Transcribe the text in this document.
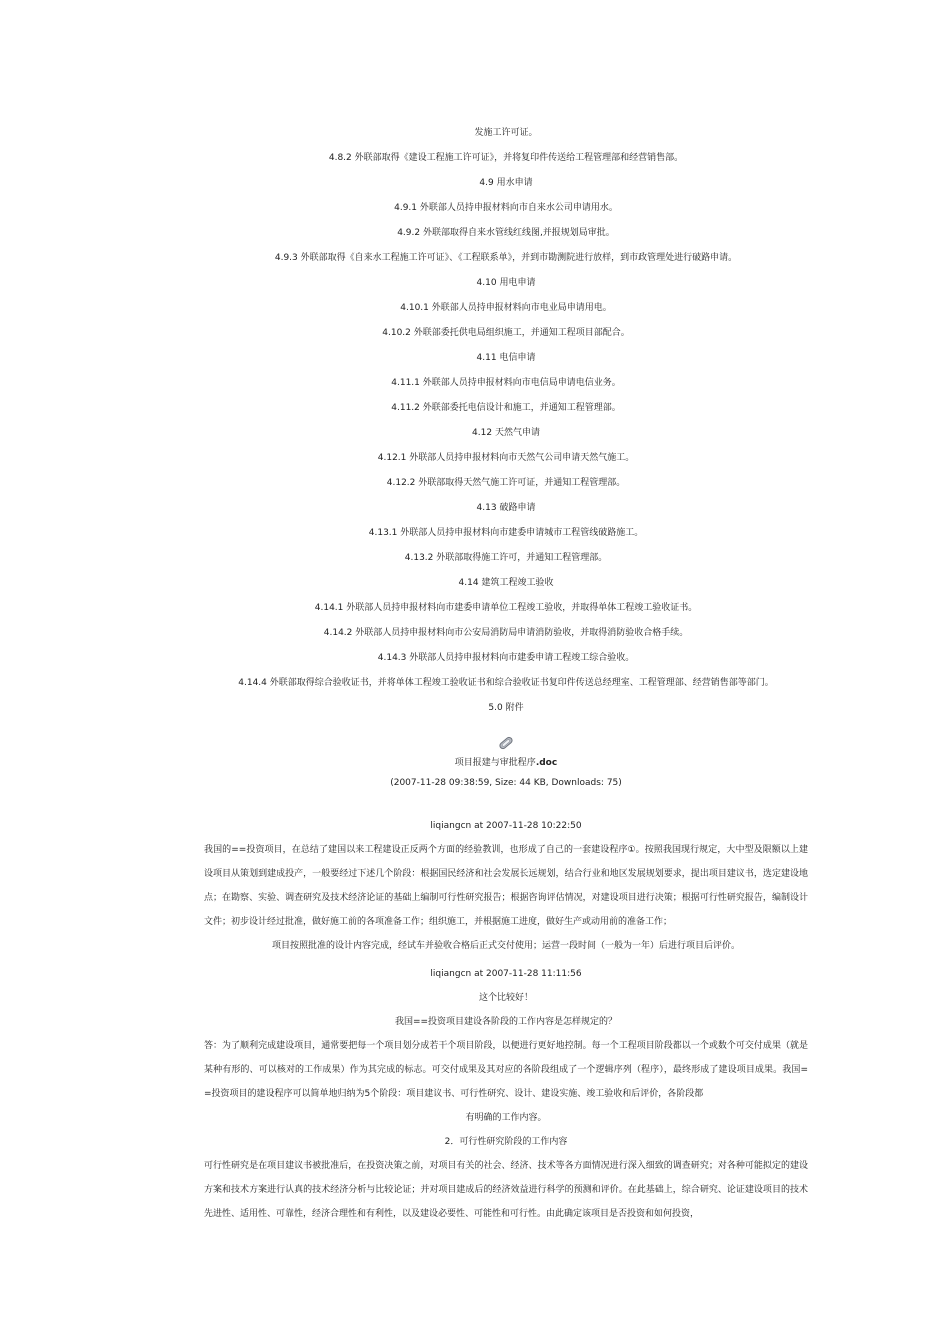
发施工许可证。
4.8.2 外联部取得《建设工程施工许可证》，并将复印件传送给工程管理部和经营销售部。
4.9 用水申请
4.9.1 外联部人员持申报材料向市自来水公司申请用水。
4.9.2 外联部取得自来水管线红线图,并报规划局审批。
4.9.3 外联部取得《自来水工程施工许可证》、《工程联系单》，并到市勘测院进行放样，到市政管理处进行破路申请。
4.10 用电申请
4.10.1 外联部人员持申报材料向市电业局申请用电。
4.10.2 外联部委托供电局组织施工，并通知工程项目部配合。
4.11 电信申请
4.11.1 外联部人员持申报材料向市电信局申请电信业务。
4.11.2 外联部委托电信设计和施工，并通知工程管理部。
4.12 天然气申请
4.12.1 外联部人员持申报材料向市天然气公司申请天然气施工。
4.12.2 外联部取得天然气施工许可证，并通知工程管理部。
4.13 破路申请
4.13.1 外联部人员持申报材料向市建委申请城市工程管线破路施工。
4.13.2 外联部取得施工许可，并通知工程管理部。
4.14 建筑工程竣工验收
4.14.1 外联部人员持申报材料向市建委申请单位工程竣工验收，并取得单体工程竣工验收证书。
4.14.2 外联部人员持申报材料向市公安局消防局申请消防验收，并取得消防验收合格手续。
4.14.3 外联部人员持申报材料向市建委申请工程竣工综合验收。
4.14.4 外联部取得综合验收证书，并将单体工程竣工验收证书和综合验收证书复印件传送总经理室、工程管理部、经营销售部等部门。
5.0 附件
项目报建与审批程序.doc
(2007-11-28 09:38:59, Size: 44 KB, Downloads: 75)
liqiangcn at 2007-11-28 10:22:50
我国的==投资项目，在总结了建国以来工程建设正反两个方面的经验教训，也形成了自己的一套建设程序①。按照我国现行规定，大中型及限额以上建设项目从策划到建成投产，一般要经过下述几个阶段：根据国民经济和社会发展长远规划，结合行业和地区发展规划要求，提出项目建议书，选定建设地点；在勘察、实验、调查研究及技术经济论证的基础上编制可行性研究报告；根据咨询评估情况，对建设项目进行决策；根据可行性研究报告，编制设计文件；初步设计经过批准，做好施工前的各项准备工作；组织施工，并根据施工进度，做好生产或动用前的准备工作；
项目按照批准的设计内容完成，经试车并验收合格后正式交付使用；运营一段时间（一般为一年）后进行项目后评价。
liqiangcn at 2007-11-28 11:11:56
这个比较好！
我国==投资项目建设各阶段的工作内容是怎样规定的？
答：为了顺利完成建设项目，通常要把每一个项目划分成若干个项目阶段，以便进行更好地控制。每一个工程项目阶段都以一个或数个可交付成果（就是某种有形的、可以核对的工作成果）作为其完成的标志。可交付成果及其对应的各阶段组成了一个逻辑序列（程序），最终形成了建设项目成果。我国==投资项目的建设程序可以简单地归纳为5个阶段：项目建议书、可行性研究、设计、建设实施、竣工验收和后评价，各阶段都
有明确的工作内容。
2．可行性研究阶段的工作内容
可行性研究是在项目建议书被批准后，在投资决策之前，对项目有关的社会、经济、技术等各方面情况进行深入细致的调查研究；对各种可能拟定的建设方案和技术方案进行认真的技术经济分析与比较论证；并对项目建成后的经济效益进行科学的预测和评价。在此基础上，综合研究、论证建设项目的技术先进性、适用性、可靠性，经济合理性和有利性，以及建设必要性、可能性和可行性。由此确定该项目是否投资和如何投资，
